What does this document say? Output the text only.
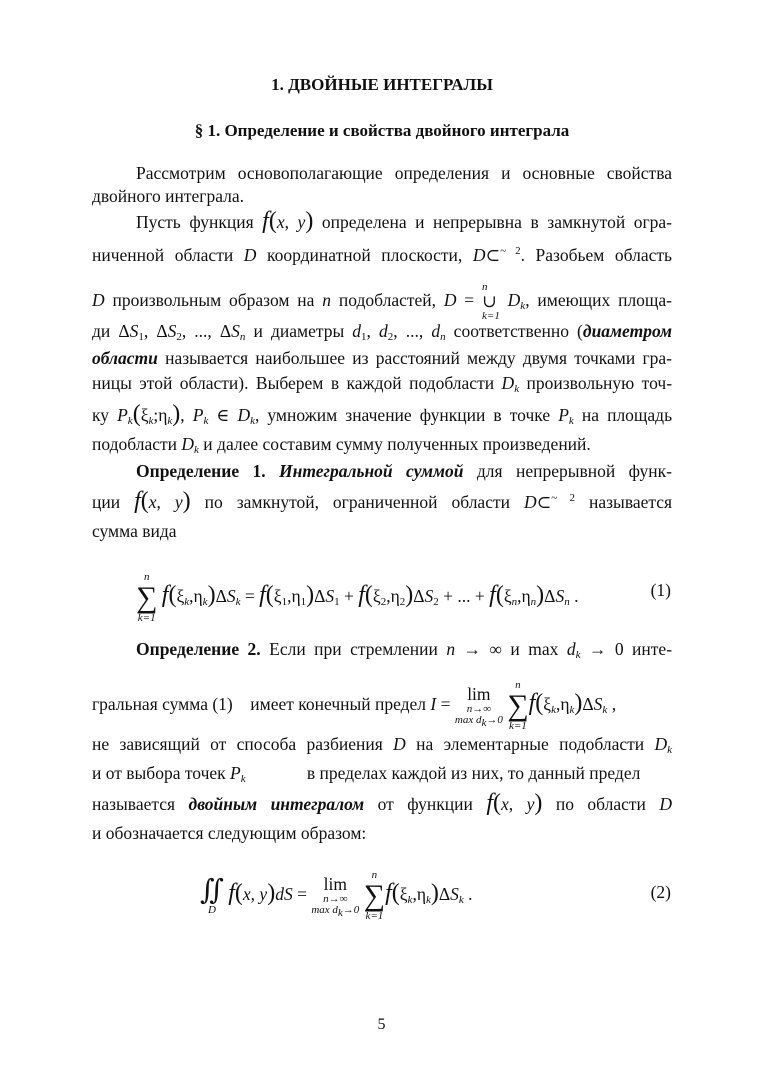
1. ДВОЙНЫЕ ИНТЕГРАЛЫ
§ 1. Определение и свойства двойного интеграла
Рассмотрим основополагающие определения и основные свойства
двойного интеграла.
Пусть функция f(x, y) определена и непрерывна в замкнутой огра-
ниченной области D координатной плоскости, D⊂$^{\sim 2}$. Разобьем область
D произвольным образом на n подобластей, D =
n
∪
k=1
$D_k$, имеющих площа-
ди $\Delta S_1$, $\Delta S_2$, ..., $\Delta S_n$ и диаметры $d_1$, $d_2$, ..., $d_n$ соответственно (диаметром
области называется наибольшее из расстояний между двумя точками гра-
ницы этой области). Выберем в каждой подобласти $D_k$ произвольную точ-
ку $P_k(\xi_k;\eta_k)$, $P_k$ ∈ $D_k$, умножим значение функции в точке $P_k$ на площадь
подобласти $D_k$ и далее составим сумму полученных произведений.
Определение 1. Интегральной суммой для непрерывной функ-
ции f(x, y) по замкнутой, ограниченной области D⊂$^{\sim 2}$ называется
сумма вида
n
∑
k=1
$f(\xi_k,\eta_k)\Delta S_k = f(\xi_1,\eta_1)\Delta S_1 + f(\xi_2,\eta_2)\Delta S_2$ + ... + $f(\xi_n,\eta_n)\Delta S_n$ .	(1)
Определение 2. Если при стремлении n → ∞ и $\max d_k \to 0$ инте-
гральная сумма (1) имеет конечный предел I = lim
n→∞
$\max d_k\to 0$

n
∑
k=1
$f(\xi_k,\eta_k)\Delta S_k$ ,
не зависящий от способа разбиения D на элементарные подобласти $D_k$
и от выбора точек $P_k$	в пределах каждой из них, то данный предел
называется двойным интегралом от функции f(x, y) по области D
и обозначается следующим образом:
∬
D
f(x, y)dS = lim
n→∞
$\max d_k\to 0$

n
∑
k=1
$f(\xi_k,\eta_k)\Delta S_k$ .	(2)
5
